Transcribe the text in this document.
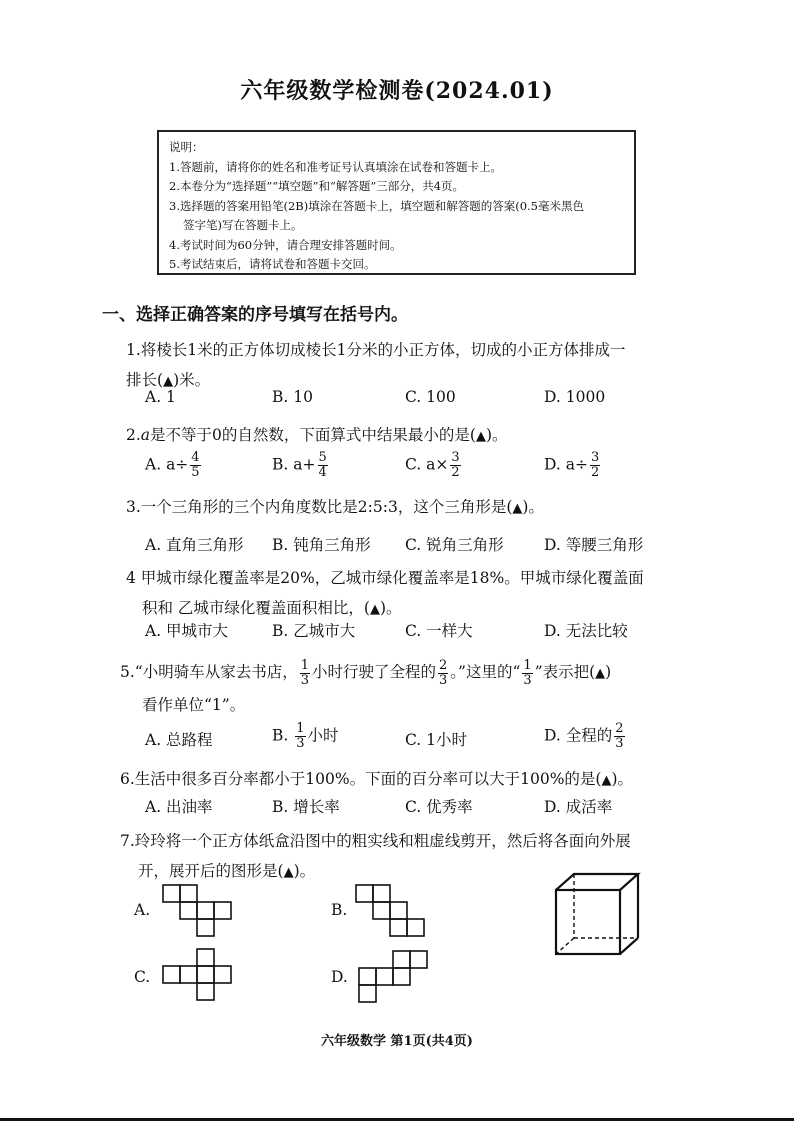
六年级数学检测卷(2024.01)
说明：
1.答题前，请将你的姓名和准考证号认真填涂在试卷和答题卡上。
2.本卷分为“选择题”“填空题”和“解答题”三部分，共4页。
3.选择题的答案用铅笔(2B)填涂在答题卡上，填空题和解答题的答案(0.5毫米黑色
签字笔)写在答题卡上。
4.考试时间为60分钟，请合理安排答题时间。
5.考试结束后，请将试卷和答题卡交回。
一、选择正确答案的序号填写在括号内。
1.将棱长1米的正方体切成棱长1分米的小正方体，切成的小正方体排成一
排长(▲)米。
A. 1	B. 10	C. 100	D. 1000
2.a是不等于0的自然数，下面算式中结果最小的是(▲)。
A. $a\div \frac{4}{5}$	B. $a+ \frac{5}{4}$	C. $a\times \frac{3}{2}$	D. $a\div \frac{3}{2}$
3.一个三角形的三个内角度数比是2:5:3，这个三角形是(▲)。
A. 直角三角形 B. 钝角三角形 C. 锐角三角形	D. 等腰三角形
4 甲城市绿化覆盖率是20%，乙城市绿化覆盖率是18%。甲城市绿化覆盖面
积和 乙城市绿化覆盖面积相比，(▲)。
A. 甲城市大	B. 乙城市大	C. 一样大	D. 无法比较
5.“小明骑车从家去书店， $\frac{1}{3}$ 小时行驶了全程的 $\frac{2}{3}$ 。”这里的“ $\frac{1}{3}$ ”表示把(▲)
看作单位“1”。
A. 总路程	B. $\frac{1}{3}$ 小时	C. 1小时	D. 全程的 $\frac{2}{3}$
6.生活中很多百分率都小于100%。下面的百分率可以大于100%的是(▲)。
A. 出油率	B. 增长率	C. 优秀率	D. 成活率
7.玲玲将一个正方体纸盒沿图中的粗实线和粗虚线剪开，然后将各面向外展
开，展开后的图形是(▲)。
A.	B.
C.	D.
六年级数学 第1页(共4页)
